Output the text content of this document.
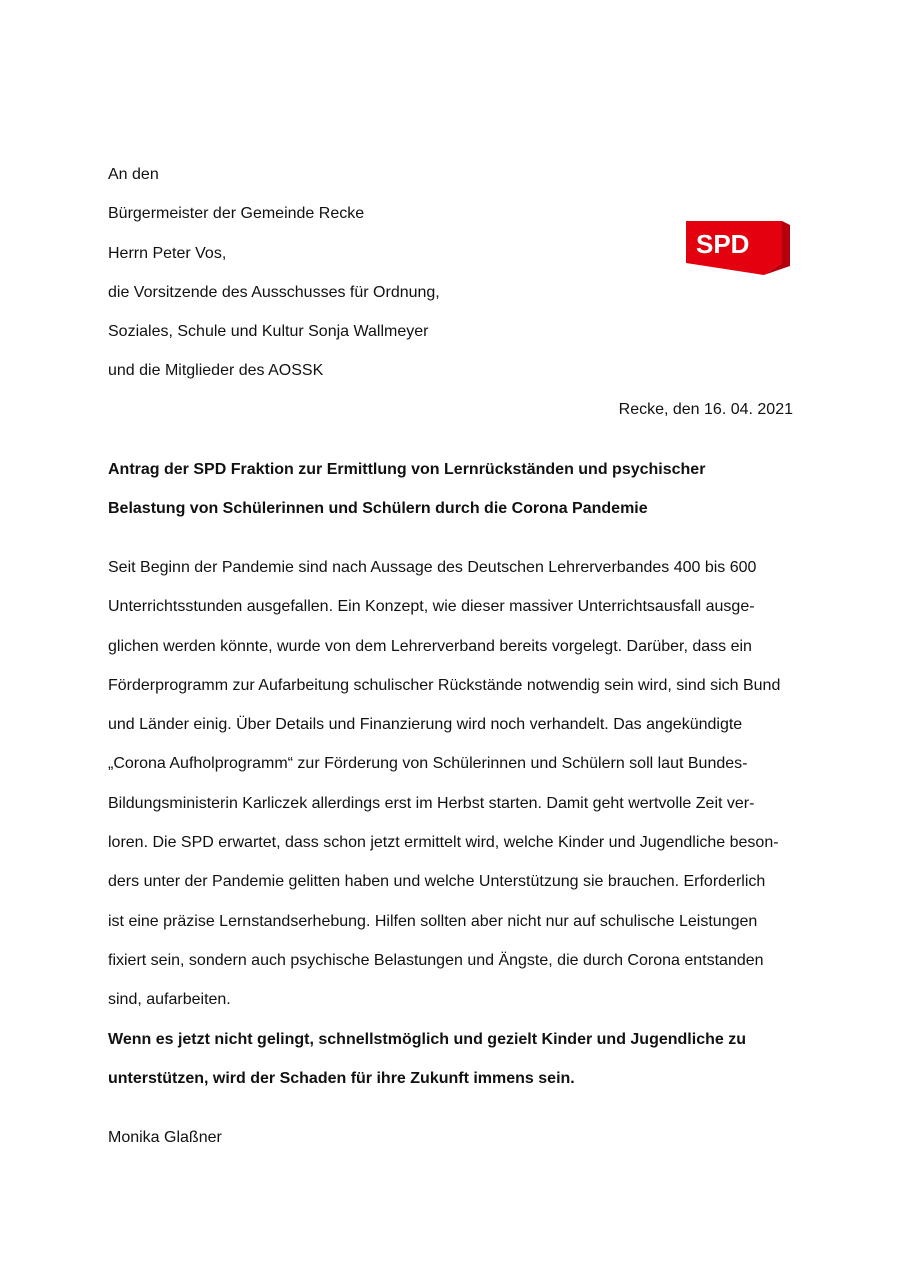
An den
Bürgermeister der Gemeinde Recke
Herrn Peter Vos,
die Vorsitzende des Ausschusses für Ordnung,
Soziales, Schule und Kultur Sonja Wallmeyer
und die Mitglieder des AOSSK
SPD
Recke, den 16. 04. 2021
Antrag der SPD Fraktion zur Ermittlung von Lernrückständen und psychischer
Belastung von Schülerinnen und Schülern durch die Corona Pandemie
Seit Beginn der Pandemie sind nach Aussage des Deutschen Lehrerverbandes 400 bis 600
Unterrichtsstunden ausgefallen. Ein Konzept, wie dieser massiver Unterrichtsausfall ausge-
glichen werden könnte, wurde von dem Lehrerverband bereits vorgelegt. Darüber, dass ein
Förderprogramm zur Aufarbeitung schulischer Rückstände notwendig sein wird, sind sich Bund
und Länder einig. Über Details und Finanzierung wird noch verhandelt. Das angekündigte
„Corona Aufholprogramm“ zur Förderung von Schülerinnen und Schülern soll laut Bundes-
Bildungsministerin Karliczek allerdings erst im Herbst starten. Damit geht wertvolle Zeit ver-
loren. Die SPD erwartet, dass schon jetzt ermittelt wird, welche Kinder und Jugendliche beson-
ders unter der Pandemie gelitten haben und welche Unterstützung sie brauchen. Erforderlich
ist eine präzise Lernstandserhebung. Hilfen sollten aber nicht nur auf schulische Leistungen
fixiert sein, sondern auch psychische Belastungen und Ängste, die durch Corona entstanden
sind, aufarbeiten.
Wenn es jetzt nicht gelingt, schnellstmöglich und gezielt Kinder und Jugendliche zu
unterstützen, wird der Schaden für ihre Zukunft immens sein.
Monika Glaßner
